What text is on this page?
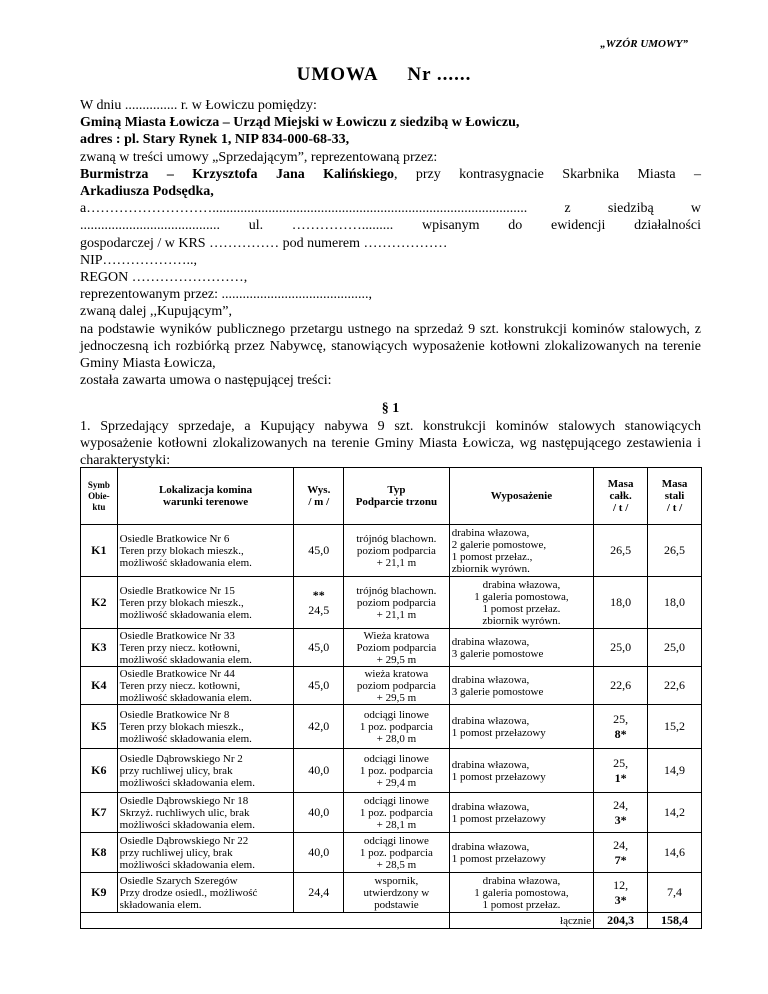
„WZÓR UMOWY”
UMOWA Nr ......

W dniu ............... r. w Łowiczu pomiędzy:

Gminą Miasta Łowicza – Urząd Miejski w Łowiczu z siedzibą w Łowiczu,

adres : pl. Stary Rynek 1, NIP 834-000-68-33,

zwaną w treści umowy „Sprzedającym”, reprezentowaną przez:

Burmistrza – Krzysztofa Jana Kalińskiego, przy kontrasygnacie Skarbnika Miasta –

Arkadiusza Podsędka,

a……………………….......................................................................................... z siedzibą w

........................................ ul. ……………......... wpisanym do ewidencji działalności

gospodarczej / w KRS …………… pod numerem ………………

NIP………………..,

REGON ……………………,

reprezentowanym przez: ..........................................,

zwaną dalej ,,Kupującym”,

na podstawie wyników publicznego przetargu ustnego na sprzedaż 9 szt. konstrukcji kominów stalowych, z jednoczesną ich rozbiórką przez Nabywcę, stanowiących wyposażenie kotłowni zlokalizowanych na terenie Gminy Miasta Łowicza,

została zawarta umowa o następującej treści:

§ 1

1. Sprzedający sprzedaje, a Kupujący nabywa 9 szt. konstrukcji kominów stalowych stanowiących wyposażenie kotłowni zlokalizowanych na terenie Gminy Miasta Łowicza, wg następującego zestawienia i charakterystyki:

Symb
Obie-
ktu	Lokalizacja komina
warunki terenowe	Wys.
/ m /	Typ
Podparcie trzonu	Wyposażenie	Masa
całk.
/ t /	Masa
stali
/ t /
K1	Osiedle Bratkowice Nr 6
Teren przy blokach mieszk.,
możliwość składowania elem.	45,0	trójnóg blachown.
poziom podparcia
+ 21,1 m	drabina właz​owa,
2 galerie pomostowe,
1 pomost przełaz.,
zbiornik wyrówn.	26,5	26,5
K2	Osiedle Bratkowice Nr 15
Teren przy blokach mieszk.,
możliwość składowania elem.	**
24,5	trójnóg blachown.
poziom podparcia
+ 21,1 m	drabina włazowa,
1 galeria pomostowa,
1 pomost przełaz.
zbiornik wyrówn.	18,0	18,0
K3	Osiedle Bratkowice Nr 33
Teren przy niecz. kotłowni,
możliwość składowania elem.	45,0	Wieża kratowa
Poziom podparcia
+ 29,5 m	drabina włazowa,
3 galerie pomostowe	25,0	25,0
K4	Osiedle Bratkowice Nr 44
Teren przy niecz. kotłowni,
możliwość składowania elem.	45,0	wieża kratowa
poziom podparcia
+ 29,5 m	drabina włazowa,
3 galerie pomostowe	22,6	22,6
K5	Osiedle Bratkowice Nr 8
Teren przy blokach mieszk.,
możliwość składowania elem.	42,0	odciągi linowe
1 poz. podparcia
+ 28,0 m	drabina włazowa,
1 pomost przełazowy	25,
8*	15,2
K6	Osiedle Dąbrowskiego Nr 2
przy ruchliwej ulicy, brak
możliwości składowania elem.	40,0	odciągi linowe
1 poz. podparcia
+ 29,4 m	drabina włazowa,
1 pomost przełazowy	25,
1*	14,9
K7	Osiedle Dąbrowskiego Nr 18
Skrzyż. ruchliwych ulic, brak
możliwości składowania elem.	40,0	odciągi linowe
1 poz. podparcia
+ 28,1 m	drabina włazowa,
1 pomost przełazowy	24,
3*	14,2
K8	Osiedle Dąbrowskiego Nr 22
przy ruchliwej ulicy, brak
możliwości składowania elem.	40,0	odciągi linowe
1 poz. podparcia
+ 28,5 m	drabina włazowa,
1 pomost przełazowy	24,
7*	14,6
K9	Osiedle Szarych Szeregów
Przy drodze osiedl., możliwość
składowania elem.	24,4	wspornik,
utwierdzony w
podstawie	drabina włazowa,
1 galeria pomostowa,
1 pomost przełaz.	12,
3*	7,4
				łącznie	204,3	158,4
